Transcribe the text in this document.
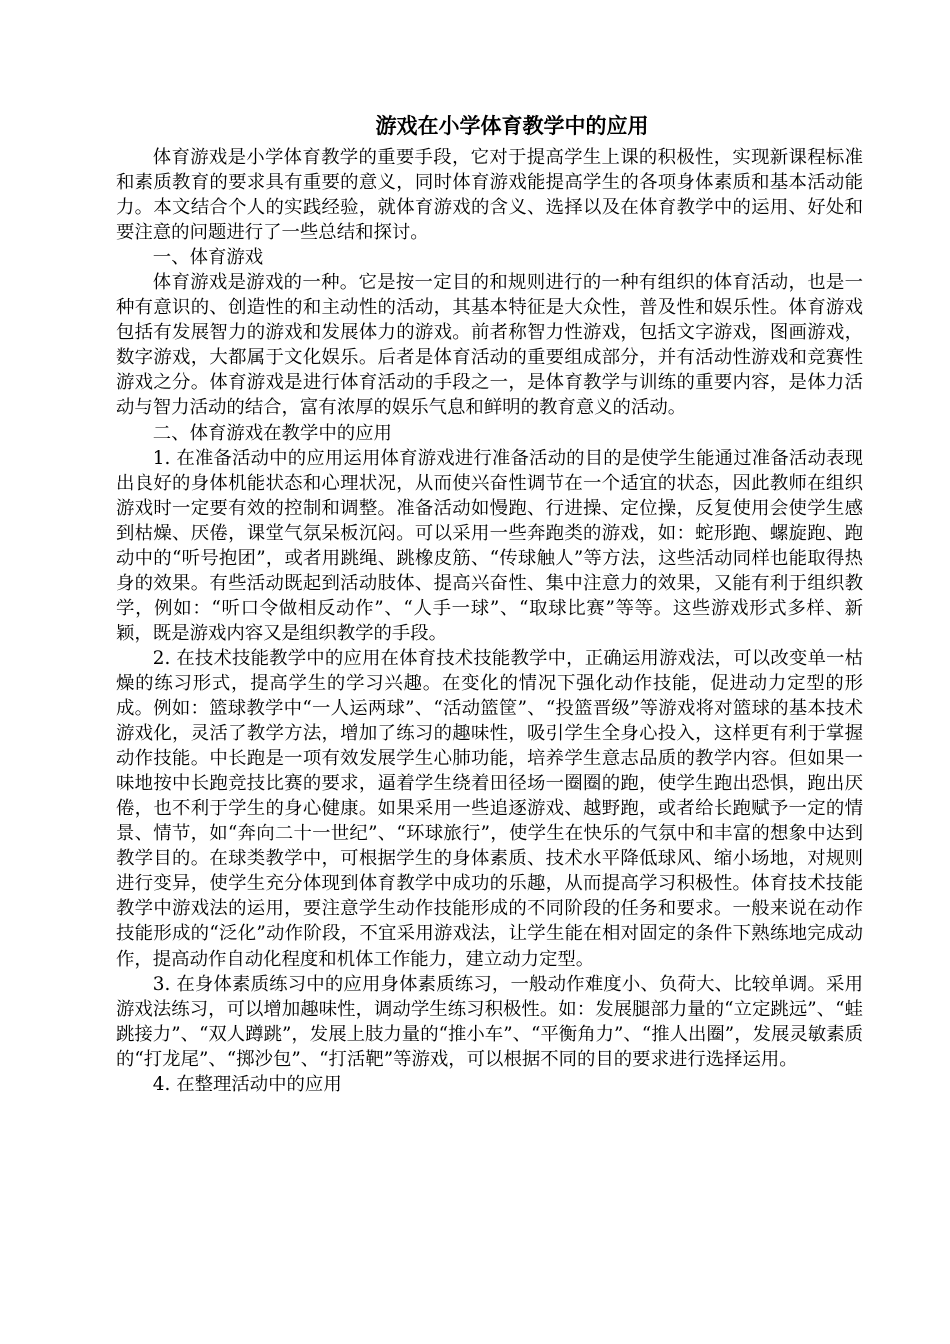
游戏在小学体育教学中的应用

体育游戏是小学体育教学的重要手段，它对于提高学生上课的积极性，实现新课程标准和素质教育的要求具有重要的意义，同时体育游戏能提高学生的各项身体素质和基本活动能力。本文结合个人的实践经验，就体育游戏的含义、选择以及在体育教学中的运用、好处和要注意的问题进行了一些总结和探讨。

一、体育游戏

体育游戏是游戏的一种。它是按一定目的和规则进行的一种有组织的体育活动，也是一种有意识的、创造性的和主动性的活动，其基本特征是大众性，普及性和娱乐性。体育游戏包括有发展智力的游戏和发展体力的游戏。前者称智力性游戏，包括文字游戏，图画游戏，数字游戏，大都属于文化娱乐。后者是体育活动的重要组成部分，并有活动性游戏和竞赛性游戏之分。体育游戏是进行体育活动的手段之一，是体育教学与训练的重要内容，是体力活动与智力活动的结合，富有浓厚的娱乐气息和鲜明的教育意义的活动。

二、体育游戏在教学中的应用

1. 在准备活动中的应用运用体育游戏进行准备活动的目的是使学生能通过准备活动表现出良好的身体机能状态和心理状况，从而使兴奋性调节在一个适宜的状态，因此教师在组织游戏时一定要有效的控制和调整。准备活动如慢跑、行进操、定位操，反复使用会使学生感到枯燥、厌倦，课堂气氛呆板沉闷。可以采用一些奔跑类的游戏，如：蛇形跑、螺旋跑、跑动中的“听号抱团”，或者用跳绳、跳橡皮筋、“传球触人”等方法，这些活动同样也能取得热身的效果。有些活动既起到活动肢体、提高兴奋性、集中注意力的效果，又能有利于组织教学，例如：“听口令做相反动作”、“人手一球”、“取球比赛”等等。这些游戏形式多样、新颖，既是游戏内容又是组织教学的手段。

2. 在技术技能教学中的应用在体育技术技能教学中，正确运用游戏法，可以改变单一枯燥的练习形式，提高学生的学习兴趣。在变化的情况下强化动作技能，促进动力定型的形成。例如：篮球教学中“一人运两球”、“活动篮筐”、“投篮晋级”等游戏将对篮球的基本技术游戏化，灵活了教学方法，增加了练习的趣味性，吸引学生全身心投入，这样更有利于掌握动作技能。中长跑是一项有效发展学生心肺功能，培养学生意志品质的教学内容。但如果一味地按中长跑竞技比赛的要求，逼着学生绕着田径场一圈圈的跑，使学生跑出恐惧，跑出厌倦，也不利于学生的身心健康。如果采用一些追逐游戏、越野跑，或者给长跑赋予一定的情景、情节，如“奔向二十一世纪”、“环球旅行”，使学生在快乐的气氛中和丰富的想象中达到教学目的。在球类教学中，可根据学生的身体素质、技术水平降低球风、缩小场地，对规则进行变异，使学生充分体现到体育教学中成功的乐趣，从而提高学习积极性。体育技术技能教学中游戏法的运用，要注意学生动作技能形成的不同阶段的任务和要求。一般来说在动作技能形成的“泛化”动作阶段，不宜采用游戏法，让学生能在相对固定的条件下熟练地完成动作，提高动作自动化程度和机体工作能力，建立动力定型。

3. 在身体素质练习中的应用身体素质练习，一般动作难度小、负荷大、比较单调。采用游戏法练习，可以增加趣味性，调动学生练习积极性。如：发展腿部力量的“立定跳远”、“蛙跳接力”、“双人蹲跳”，发展上肢力量的“推小车”、“平衡角力”、“推人出圈”，发展灵敏素质的“打龙尾”、“掷沙包”、“打活靶”等游戏，可以根据不同的目的要求进行选择运用。

4. 在整理活动中的应用
